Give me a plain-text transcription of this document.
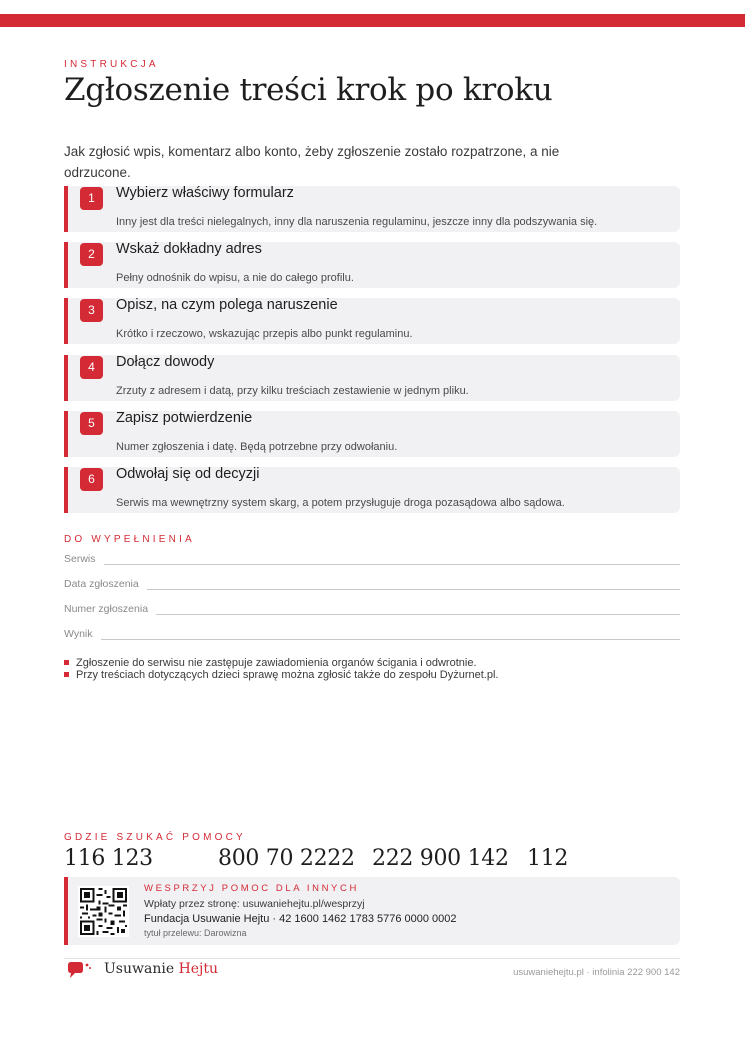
INSTRUKCJA
Zgłoszenie treści krok po kroku

Jak zgłosić wpis, komentarz albo konto, żeby zgłoszenie zostało rozpatrzone, a nie odrzucone.

1	Wybierz właściwy formularz
Inny jest dla treści nielegalnych, inny dla naruszenia regulaminu, jeszcze inny dla podszywania się.
2	Wskaż dokładny adres
Pełny odnośnik do wpisu, a nie do całego profilu.
3	Opisz, na czym polega naruszenie
Krótko i rzeczowo, wskazując przepis albo punkt regulaminu.
4	Dołącz dowody
Zrzuty z adresem i datą, przy kilku treściach zestawienie w jednym pliku.
5	Zapisz potwierdzenie
Numer zgłoszenia i datę. Będą potrzebne przy odwołaniu.
6	Odwołaj się od decyzji
Serwis ma wewnętrzny system skarg, a potem przysługuje droga pozasądowa albo sądowa.
DO WYPEŁNIENIA
Serwis
Data zgłoszenia
Numer zgłoszenia
Wynik
Zgłoszenie do serwisu nie zastępuje zawiadomienia organów ścigania i odwrotnie.
Przy treściach dotyczących dzieci sprawę można zgłosić także do zespołu Dyżurnet.pl.
GDZIE SZUKAĆ POMOCY
116 123	800 70 2222 222 900 142 112
WESPRZYJ POMOC DLA INNYCH
Wpłaty przez stronę: usuwaniehejtu.pl/wesprzyj
Fundacja Usuwanie Hejtu · 42 1600 1462 1783 5776 0000 0002
tytuł przelewu: Darowizna
Usuwanie Hejtu	usuwaniehejtu.pl · infolinia 222 900 142
